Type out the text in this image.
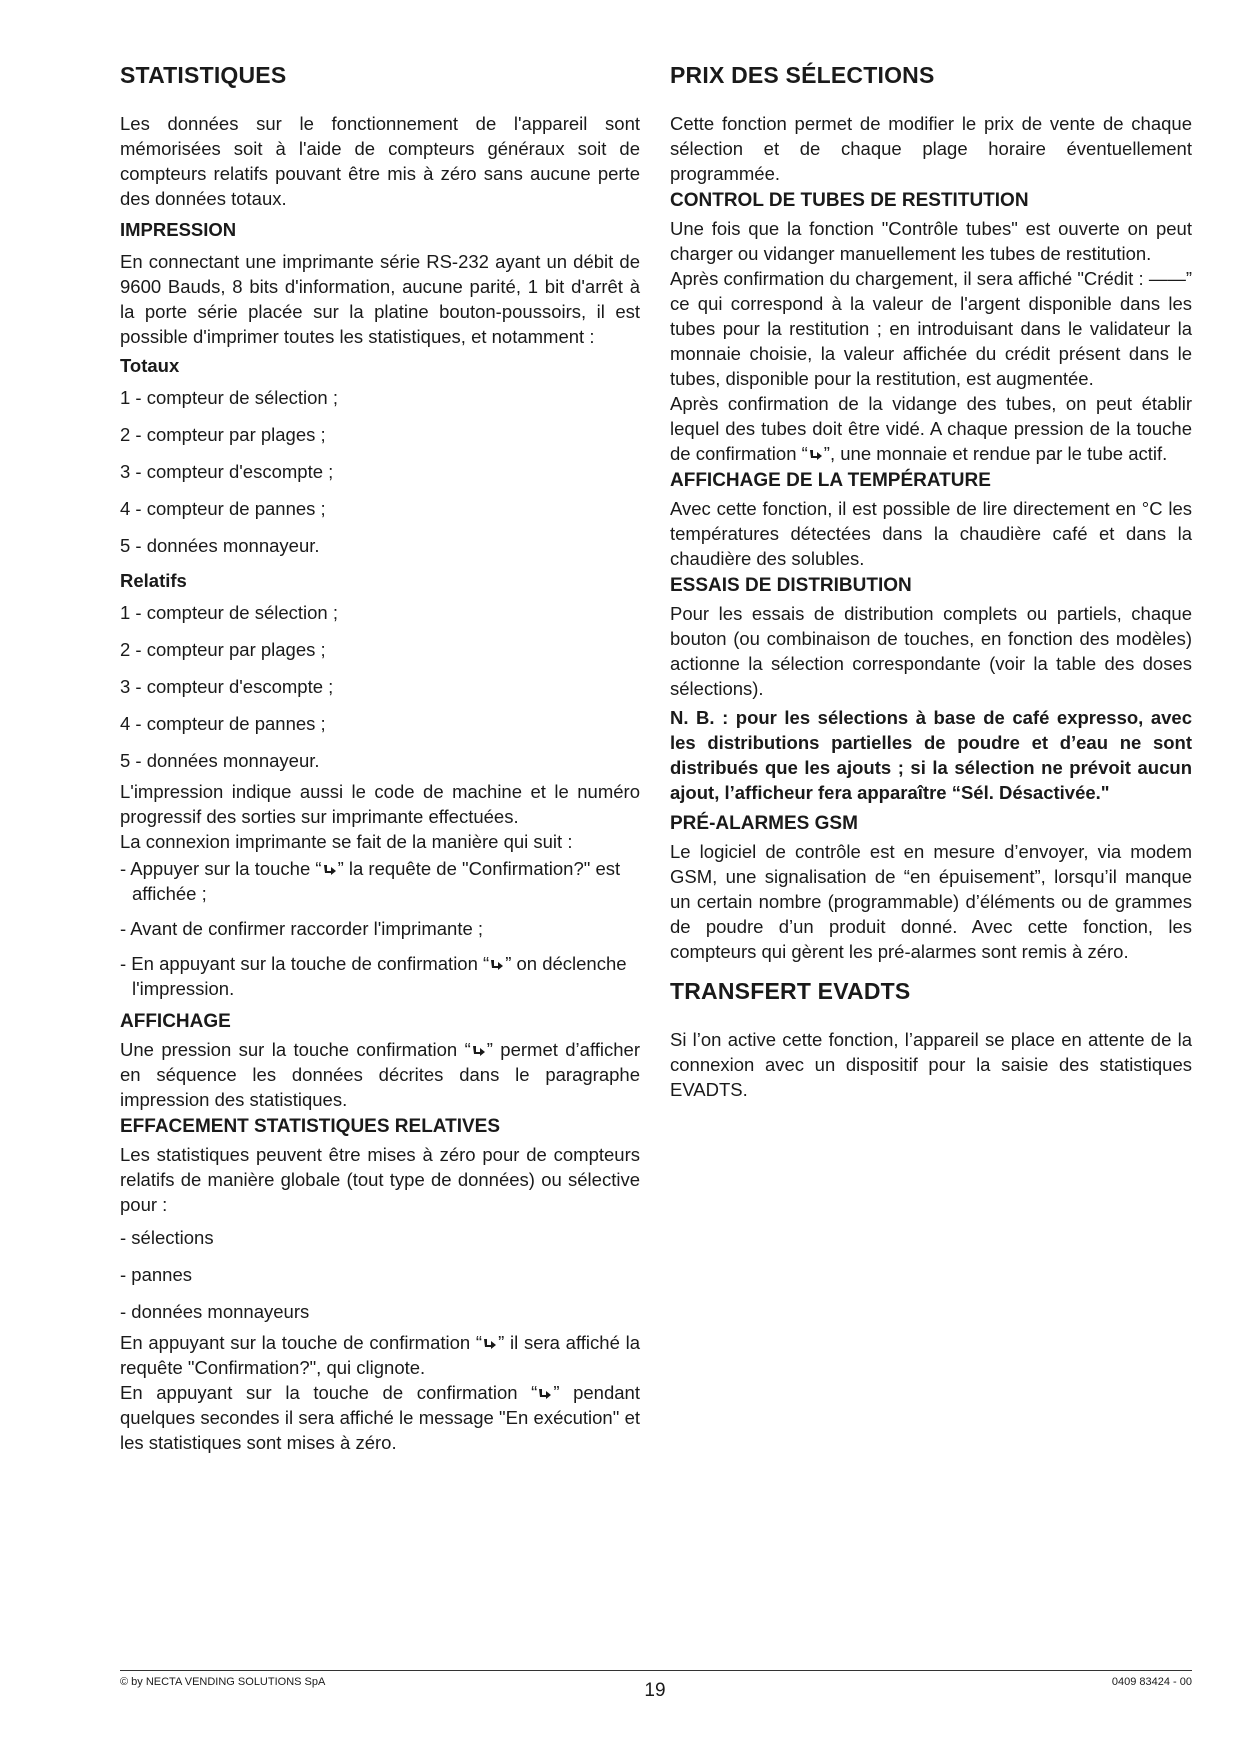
STATISTIQUES

Les données sur le fonctionnement de l'appareil sont mémorisées soit à l'aide de compteurs généraux soit de compteurs relatifs pouvant être mis à zéro sans aucune perte des données totaux.

IMPRESSION

En connectant une imprimante série RS-232 ayant un débit de 9600 Bauds, 8 bits d'information, aucune parité, 1 bit d'arrêt à la porte série placée sur la platine bouton-poussoirs, il est possible d'imprimer toutes les statistiques, et notamment :

Totaux
1 - compteur de sélection ;
2 - compteur par plages ;
3 - compteur d'escompte ;
4 - compteur de pannes ;
5 - données monnayeur.
Relatifs
1 - compteur de sélection ;
2 - compteur par plages ;
3 - compteur d'escompte ;
4 - compteur de pannes ;
5 - données monnayeur.

L'impression indique aussi le code de machine et le numéro progressif des sorties sur imprimante effectuées.
La connexion imprimante se fait de la manière qui suit :

- Appuyer sur la touche “ ” la requête de "Confirmation?" est affichée ;
- Avant de confirmer raccorder l'imprimante ;
- En appuyant sur la touche de confirmation “ ” on déclenche l'impression.
AFFICHAGE

Une pression sur la touche confirmation “ ” permet d’afficher en séquence les données décrites dans le paragraphe impression des statistiques.

EFFACEMENT STATISTIQUES RELATIVES

Les statistiques peuvent être mises à zéro pour de compteurs relatifs de manière globale (tout type de données) ou sélective pour :

- sélections
- pannes
- données monnayeurs

En appuyant sur la touche de confirmation “ ” il sera affiché la requête "Confirmation?", qui clignote.

En appuyant sur la touche de confirmation “ ” pendant quelques secondes il sera affiché le message "En exécution" et les statistiques sont mises à zéro.

PRIX DES SÉLECTIONS

Cette fonction permet de modifier le prix de vente de chaque sélection et de chaque plage horaire éventuellement programmée.

CONTROL DE TUBES DE RESTITUTION

Une fois que la fonction "Contrôle tubes" est ouverte on peut charger ou vidanger manuellement les tubes de restitution.

Après confirmation du chargement, il sera affiché "Crédit : ——” ce qui correspond à la valeur de l'argent disponible dans les tubes pour la restitution ; en introduisant dans le validateur la monnaie choisie, la valeur affichée du crédit présent dans le tubes, disponible pour la restitution, est augmentée.

Après confirmation de la vidange des tubes, on peut établir lequel des tubes doit être vidé. A chaque pression de la touche de confirmation “ ”, une monnaie et rendue par le tube actif.

AFFICHAGE DE LA TEMPÉRATURE

Avec cette fonction, il est possible de lire directement en °C les températures détectées dans la chaudière café et dans la chaudière des solubles.

ESSAIS DE DISTRIBUTION

Pour les essais de distribution complets ou partiels, chaque bouton (ou combinaison de touches, en fonction des modèles) actionne la sélection correspondante (voir la table des doses sélections).

N. B. : pour les sélections à base de café expresso, avec les distributions partielles de poudre et d’eau ne sont distribués que les ajouts ; si la sélection ne prévoit aucun ajout, l’afficheur fera apparaître “Sél. Désactivée."

PRÉ-ALARMES GSM

Le logiciel de contrôle est en mesure d’envoyer, via modem GSM, une signalisation de “en épuisement”, lorsqu’il manque un certain nombre (programmable) d’éléments ou de grammes de poudre d’un produit donné. Avec cette fonction, les compteurs qui gèrent les pré-alarmes sont remis à zéro.

TRANSFERT EVADTS

Si l’on active cette fonction, l’appareil se place en attente de la connexion avec un dispositif pour la saisie des statistiques EVADTS.

© by NECTA VENDING SOLUTIONS SpA	19	0409 83424 - 00
